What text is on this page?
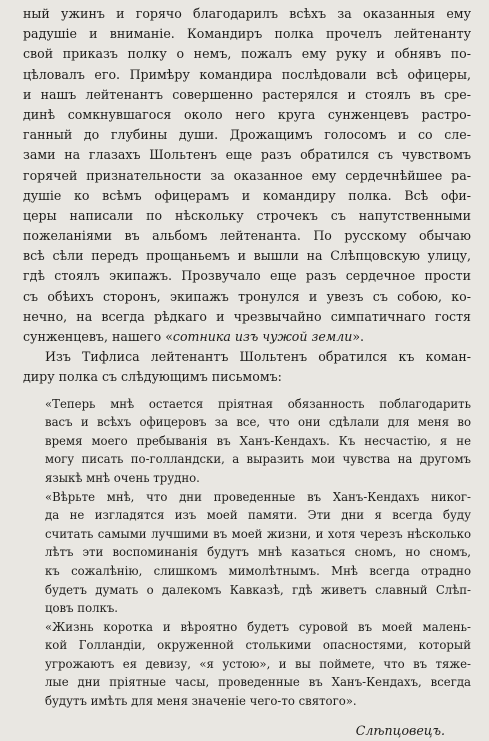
ный ужинъ и горячо благодарилъ всѣхъ за оказанныя ему
радушіе и вниманіе. Командиръ полка прочелъ лейтенанту
свой приказъ полку о немъ, пожалъ ему руку и обнявъ по-
цѣловалъ его. Примѣру командира послѣдовали всѣ офицеры,
и нашъ лейтенантъ совершенно растерялся и стоялъ въ сре-
динѣ сомкнувшагося около него круга сунженцевъ растро-
ганный до глубины души. Дрожащимъ голосомъ и со сле-
зами на глазахъ Шольтенъ еще разъ обратился съ чувствомъ
горячей признательности за оказанное ему сердечнѣйшее ра-
душіе ко всѣмъ офицерамъ и командиру полка. Всѣ офи-
церы написали по нѣскольку строчекъ съ напутственными
пожеланіями въ альбомъ лейтенанта. По русскому обычаю
всѣ сѣли передъ прощаньемъ и вышли на Слѣпцовскую улицу,
гдѣ стоялъ экипажъ. Прозвучало еще разъ сердечное прости
съ обѣихъ сторонъ, экипажъ тронулся и увезъ съ собою, ко-
нечно, на всегда рѣдкаго и чрезвычайно симпатичнаго гостя
сунженцевъ, нашего «сотника изъ чужой земли».
Изъ Тифлиса лейтенантъ Шольтенъ обратился къ коман-
диру полка съ слѣдующимъ письмомъ:
«Теперь мнѣ остается пріятная обязанность поблагодарить
васъ и всѣхъ офицеровъ за все, что они сдѣлали для меня во
время моего пребыванія въ Ханъ-Кендахъ. Къ несчастію, я не
могу писать по-голландски, а выразить мои чувства на другомъ
языкѣ мнѣ очень трудно.
«Вѣрьте мнѣ, что дни проведенные въ Ханъ-Кендахъ никог-
да не изгладятся изъ моей памяти. Эти дни я всегда буду
считать самыми лучшими въ моей жизни, и хотя черезъ нѣсколько
лѣтъ эти воспоминанія будутъ мнѣ казаться сномъ, но сномъ,
къ сожалѣнію, слишкомъ мимолѣтнымъ. Мнѣ всегда отрадно
будетъ думать о далекомъ Кавказѣ, гдѣ живетъ славный Слѣп-
цовъ полкъ.
«Жизнь коротка и вѣроятно будетъ суровой въ моей малень-
кой Голландіи, окруженной столькими опасностями, который
угрожаютъ ея девизу, «я устою», и вы поймете, что въ тяже-
лые дни пріятные часы, проведенные въ Ханъ-Кендахъ, всегда
будутъ имѣть для меня значеніе чего-то святого».
Слѣпцовецъ.
